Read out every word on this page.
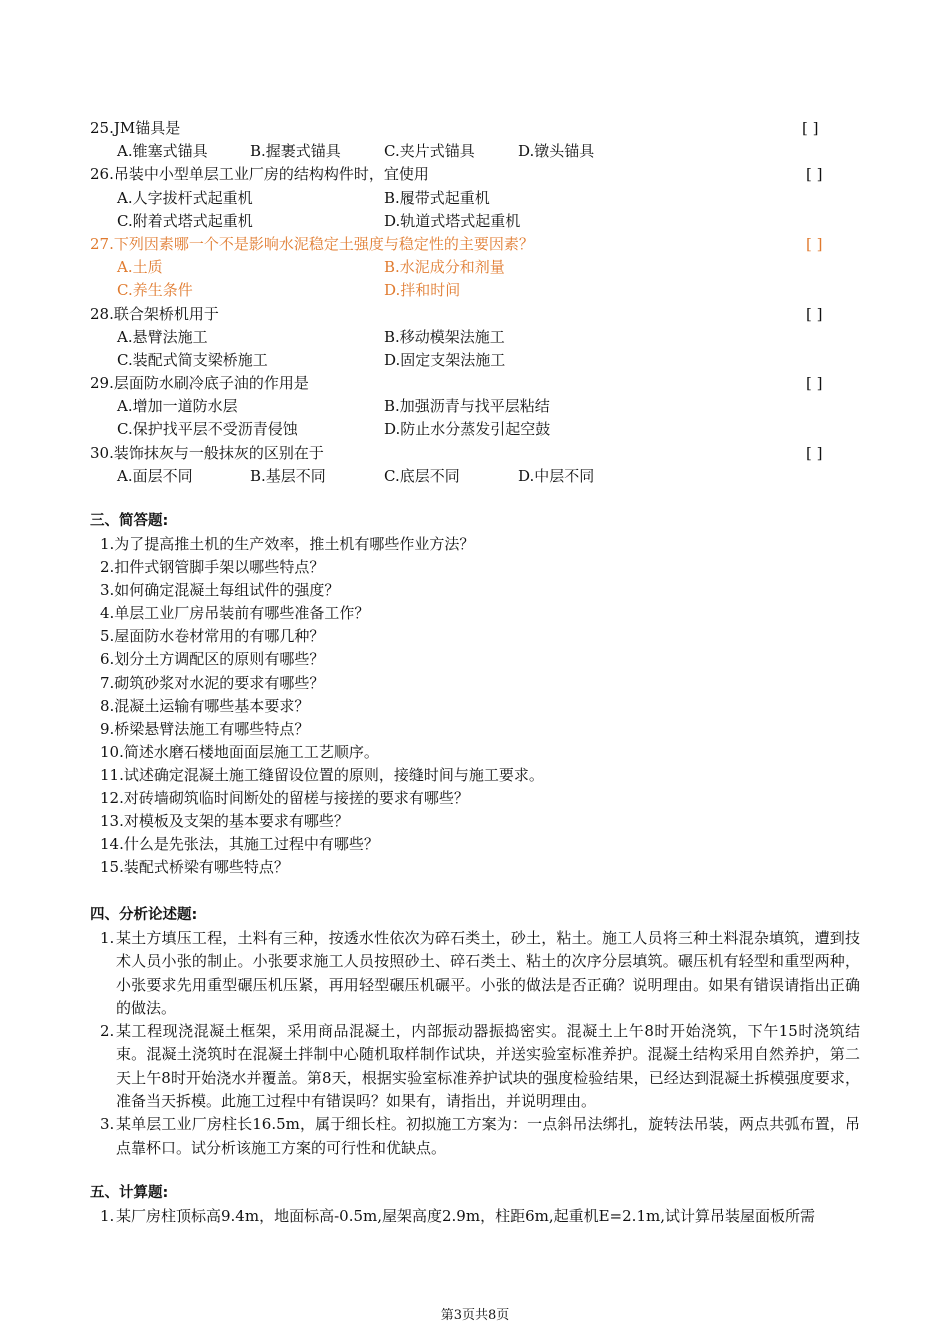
25.JM锚具是	[ ]
A.锥塞式锚具	B.握裹式锚具	C.夹片式锚具	D.镦头锚具
26.吊装中小型单层工业厂房的结构构件时，宜使用	[ ]
A.人字拔杆式起重机	B.履带式起重机
C.附着式塔式起重机	D.轨道式塔式起重机
27.下列因素哪一个不是影响水泥稳定土强度与稳定性的主要因素？	[ ]
A.土质	B.水泥成分和剂量
C.养生条件	D.拌和时间
28.联合架桥机用于	[ ]
A.悬臂法施工	B.移动模架法施工
C.装配式简支梁桥施工	D.固定支架法施工
29.层面防水刷冷底子油的作用是	[ ]
A.增加一道防水层	B.加强沥青与找平层粘结
C.保护找平层不受沥青侵蚀	D.防止水分蒸发引起空鼓
30.装饰抹灰与一般抹灰的区别在于	[ ]
A.面层不同	B.基层不同	C.底层不同	D.中层不同
三、简答题:
1.为了提高推土机的生产效率，推土机有哪些作业方法？
2.扣件式钢管脚手架以哪些特点？
3.如何确定混凝土每组试件的强度？
4.单层工业厂房吊装前有哪些准备工作？
5.屋面防水卷材常用的有哪几种？
6.划分土方调配区的原则有哪些？
7.砌筑砂浆对水泥的要求有哪些？
8.混凝土运输有哪些基本要求？
9.桥梁悬臂法施工有哪些特点？
10.简述水磨石楼地面面层施工工艺顺序。
11.试述确定混凝土施工缝留设位置的原则，接缝时间与施工要求。
12.对砖墙砌筑临时间断处的留槎与接搓的要求有哪些？
13.对模板及支架的基本要求有哪些？
14.什么是先张法，其施工过程中有哪些？
15.装配式桥梁有哪些特点？
四、分析论述题:
1. 某土方填压工程，土料有三种，按透水性依次为碎石类土，砂土，粘土。施工人员将三种土料混杂填筑，遭到技术人员小张的制止。小张要求施工人员按照砂土、碎石类土、粘土的次序分层填筑。碾压机有轻型和重型两种，小张要求先用重型碾压机压紧，再用轻型碾压机碾平。小张的做法是否正确？说明理由。如果有错误请指出正确的做法。
2. 某工程现浇混凝土框架，采用商品混凝土，内部振动器振捣密实。混凝土上午8时开始浇筑，下午15时浇筑结束。混凝土浇筑时在混凝土拌制中心随机取样制作试块，并送实验室标准养护。混凝土结构采用自然养护，第二天上午8时开始浇水并覆盖。第8天，根据实验室标准养护试块的强度检验结果，已经达到混凝土拆模强度要求，准备当天拆模。此施工过程中有错误吗？如果有，请指出，并说明理由。
3. 某单层工业厂房柱长16.5m，属于细长柱。初拟施工方案为：一点斜吊法绑扎，旋转法吊装，两点共弧布置，吊点靠杯口。试分析该施工方案的可行性和优缺点。
五、计算题:
1. 某厂房柱顶标高9.4m，地面标高-0.5m,屋架高度2.9m，柱距6m,起重机E=2.1m,试计算吊装屋面板所需
第3页共8页
